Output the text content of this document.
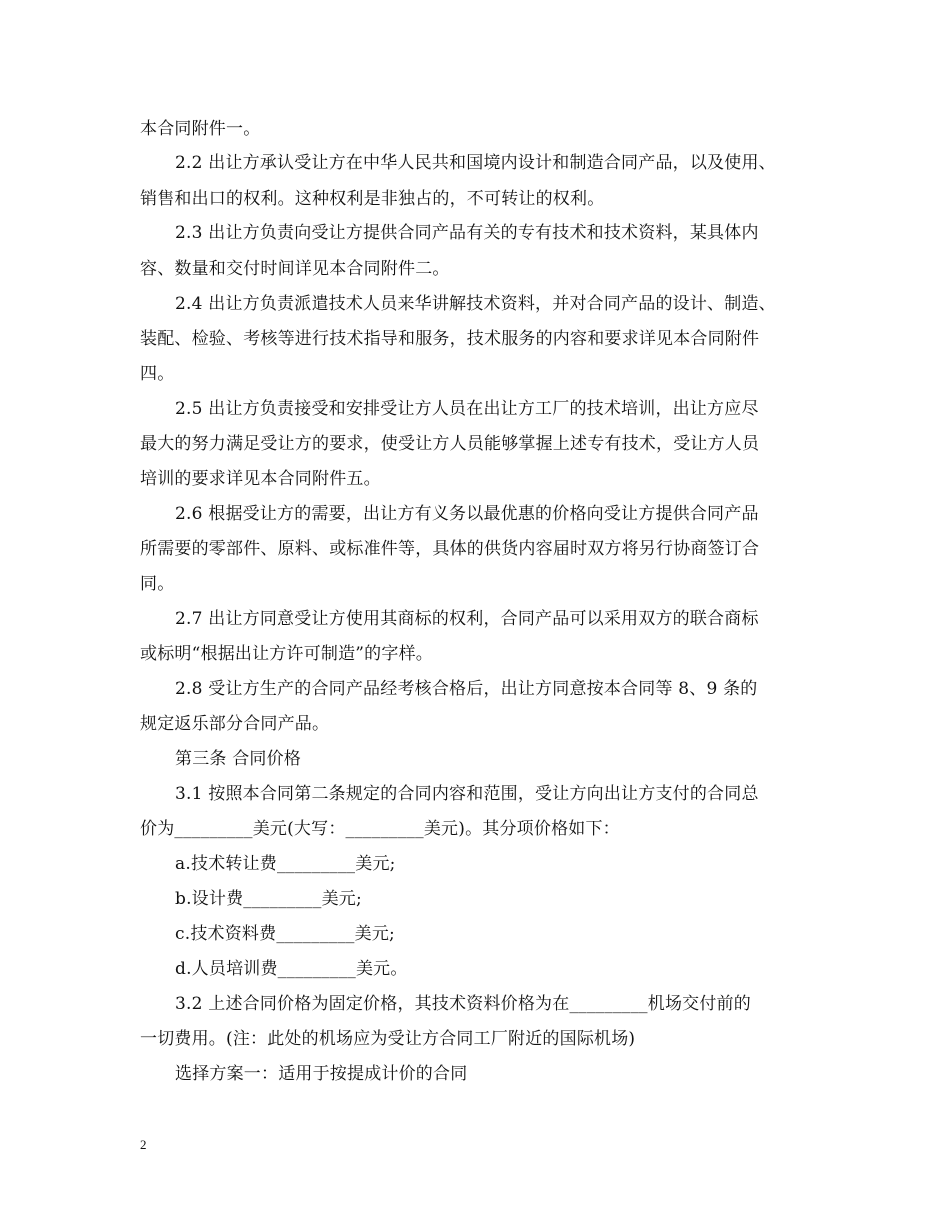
本合同附件一。
2.2 出让方承认受让方在中华人民共和国境内设计和制造合同产品，以及使用、
销售和出口的权利。这种权利是非独占的，不可转让的权利。
2.3 出让方负责向受让方提供合同产品有关的专有技术和技术资料，某具体内
容、数量和交付时间详见本合同附件二。
2.4 出让方负责派遣技术人员来华讲解技术资料，并对合同产品的设计、制造、
装配、检验、考核等进行技术指导和服务，技术服务的内容和要求详见本合同附件
四。
2.5 出让方负责接受和安排受让方人员在出让方工厂的技术培训，出让方应尽
最大的努力满足受让方的要求，使受让方人员能够掌握上述专有技术，受让方人员
培训的要求详见本合同附件五。
2.6 根据受让方的需要，出让方有义务以最优惠的价格向受让方提供合同产品
所需要的零部件、原料、或标准件等，具体的供货内容届时双方将另行协商签订合
同。
2.7 出让方同意受让方使用其商标的权利，合同产品可以采用双方的联合商标
或标明“根据出让方许可制造”的字样。
2.8 受让方生产的合同产品经考核合格后，出让方同意按本合同等 8、9 条的
规定返乐部分合同产品。
第三条 合同价格
3.1 按照本合同第二条规定的合同内容和范围，受让方向出让方支付的合同总
价为_________美元(大写：_________美元)。其分项价格如下：
a.技术转让费_________美元;
b.设计费_________美元;
c.技术资料费_________美元;
d.人员培训费_________美元。
3.2 上述合同价格为固定价格，其技术资料价格为在_________机场交付前的
一切费用。(注：此处的机场应为受让方合同工厂附近的国际机场)
选择方案一：适用于按提成计价的合同
2
